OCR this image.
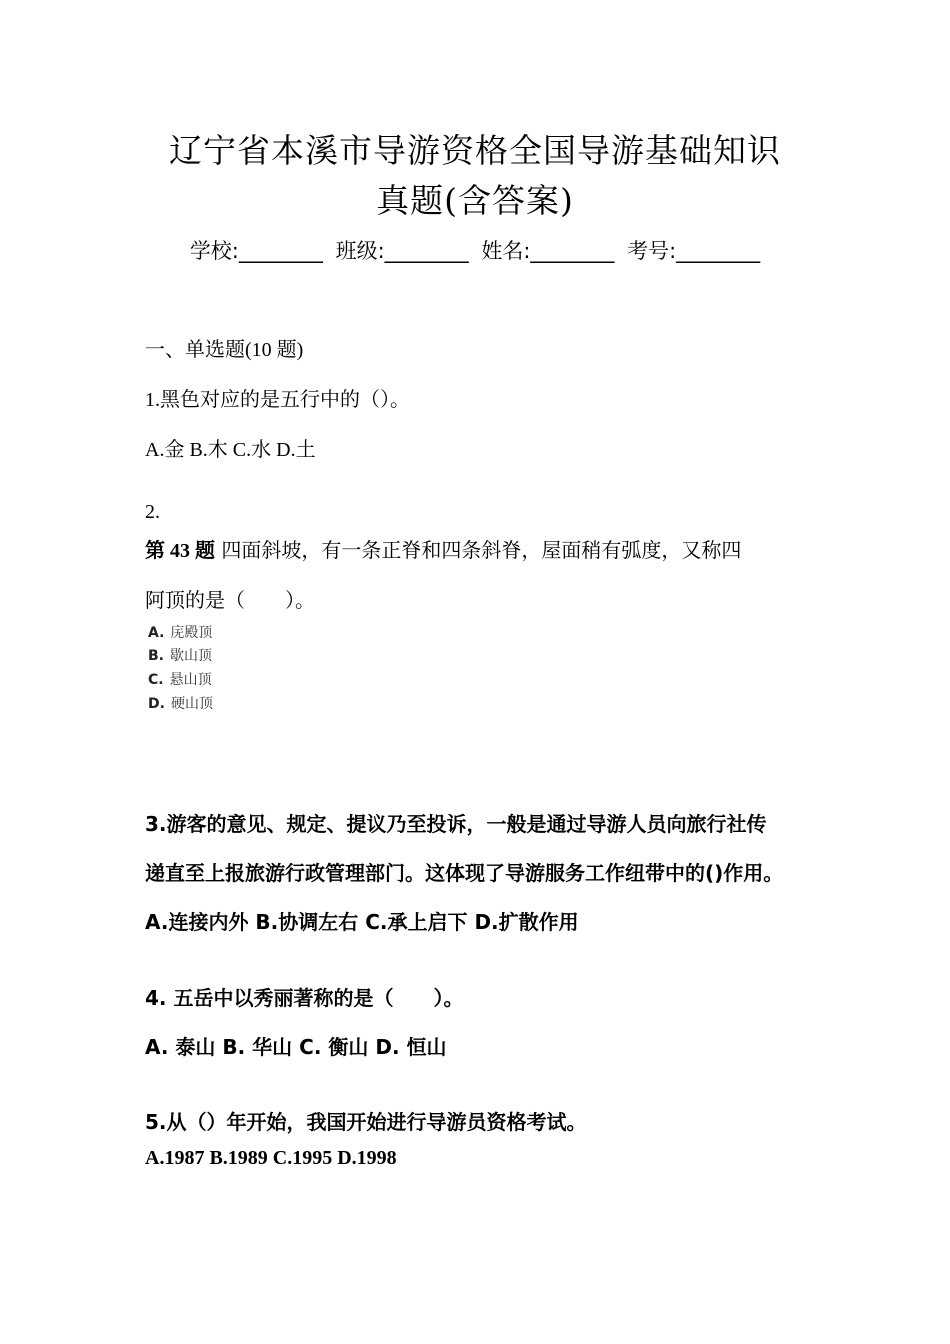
辽宁省本溪市导游资格全国导游基础知识
真题(含答案)
学校:________ 班级:________ 姓名:________ 考号:________
一、单选题(10 题)
1.黑色对应的是五行中的（）。
A.金 B.木 C.水 D.土
2.
第 43 题 四面斜坡，有一条正脊和四条斜脊，屋面稍有弧度，又称四
阿顶的是（　　）。
A. 庑殿顶
B. 歇山顶
C. 悬山顶
D. 硬山顶
3.游客的意见、规定、提议乃至投诉，一般是通过导游人员向旅行社传
递直至上报旅游行政管理部门。这体现了导游服务工作纽带中的()作用。
A.连接内外 B.协调左右 C.承上启下 D.扩散作用
4. 五岳中以秀丽著称的是（　　）。
A. 泰山 B. 华山 C. 衡山 D. 恒山
5.从（）年开始，我国开始进行导游员资格考试。
A.1987 B.1989 C.1995 D.1998
